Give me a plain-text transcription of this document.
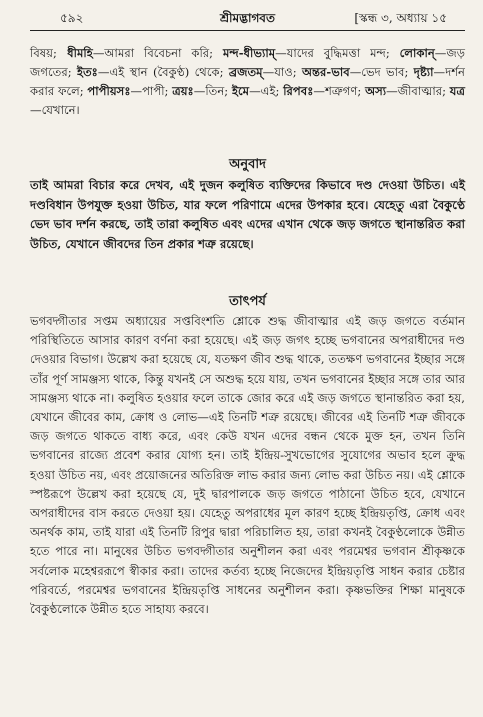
৫৯২	শ্রীমদ্ভাগবত	[স্কন্ধ ৩, অধ্যায় ১৫
বিষয়; ধীমহি—আমরা বিবেচনা করি; মন্দ-ধীভ্যাম্—যাদের বুদ্ধিমত্তা মন্দ; লোকান্—জড় জগতের; ইতঃ—এই স্থান (বৈকুণ্ঠ) থেকে; ব্রজতম্—যাও; অন্তর-ভাব—ভেদ ভাব; দৃষ্ট্যা—দর্শন করার ফলে; পাপীয়সঃ—পাপী; ত্রয়ঃ—তিন; ইমে—এই; রিপবঃ—শত্রুগণ; অস্য—জীবাত্মার; যত্র—যেখানে।
অনুবাদ
তাই আমরা বিচার করে দেখব, এই দুজন কলুষিত ব্যক্তিদের কিভাবে দণ্ড দেওয়া উচিত। এই দণ্ডবিধান উপযুক্ত হওয়া উচিত, যার ফলে পরিণামে এদের উপকার হবে। যেহেতু এরা বৈকুণ্ঠে ভেদ ভাব দর্শন করছে, তাই তারা কলুষিত এবং এদের এখান থেকে জড় জগতে স্থানান্তরিত করা উচিত, যেখানে জীবদের তিন প্রকার শত্রু রয়েছে।
তাৎপর্য
ভগবদ্গীতার সপ্তম অধ্যায়ের সপ্তবিংশতি শ্লোকে শুদ্ধ জীবাত্মার এই জড় জগতে বর্তমান পরিস্থিতিতে আসার কারণ বর্ণনা করা হয়েছে। এই জড় জগৎ হচ্ছে ভগবানের অপরাধীদের দণ্ড দেওয়ার বিভাগ। উল্লেখ করা হয়েছে যে, যতক্ষণ জীব শুদ্ধ থাকে, ততক্ষণ ভগবানের ইচ্ছার সঙ্গে তাঁর পূর্ণ সামঞ্জস্য থাকে, কিন্তু যখনই সে অশুদ্ধ হয়ে যায়, তখন ভগবানের ইচ্ছার সঙ্গে তার আর সামঞ্জস্য থাকে না। কলুষিত হওয়ার ফলে তাকে জোর করে এই জড় জগতে স্থানান্তরিত করা হয়, যেখানে জীবের কাম, ক্রোধ ও লোভ—এই তিনটি শত্রু রয়েছে। জীবের এই তিনটি শত্রু জীবকে জড় জগতে থাকতে বাধ্য করে, এবং কেউ যখন এদের বন্ধন থেকে মুক্ত হন, তখন তিনি ভগবানের রাজ্যে প্রবেশ করার যোগ্য হন। তাই ইন্দ্রিয়-সুখভোগের সুযোগের অভাব হলে ক্রুদ্ধ হওয়া উচিত নয়, এবং প্রয়োজনের অতিরিক্ত লাভ করার জন্য লোভ করা উচিত নয়। এই শ্লোকে স্পষ্টরূপে উল্লেখ করা হয়েছে যে, দুই দ্বারপালকে জড় জগতে পাঠানো উচিত হবে, যেখানে অপরাধীদের বাস করতে দেওয়া হয়। যেহেতু অপরাধের মূল কারণ হচ্ছে ইন্দ্রিয়তৃপ্তি, ক্রোধ এবং অনর্থক কাম, তাই যারা এই তিনটি রিপুর দ্বারা পরিচালিত হয়, তারা কখনই বৈকুণ্ঠলোকে উন্নীত হতে পারে না। মানুষের উচিত ভগবদ্গীতার অনুশীলন করা এবং পরমেশ্বর ভগবান শ্রীকৃষ্ণকে সর্বলোক মহেশ্বররূপে স্বীকার করা। তাদের কর্তব্য হচ্ছে নিজেদের ইন্দ্রিয়তৃপ্তি সাধন করার চেষ্টার পরিবর্তে, পরমেশ্বর ভগবানের ইন্দ্রিয়তৃপ্তি সাধনের অনুশীলন করা। কৃষ্ণভক্তির শিক্ষা মানুষকে বৈকুণ্ঠলোকে উন্নীত হতে সাহায্য করবে।
